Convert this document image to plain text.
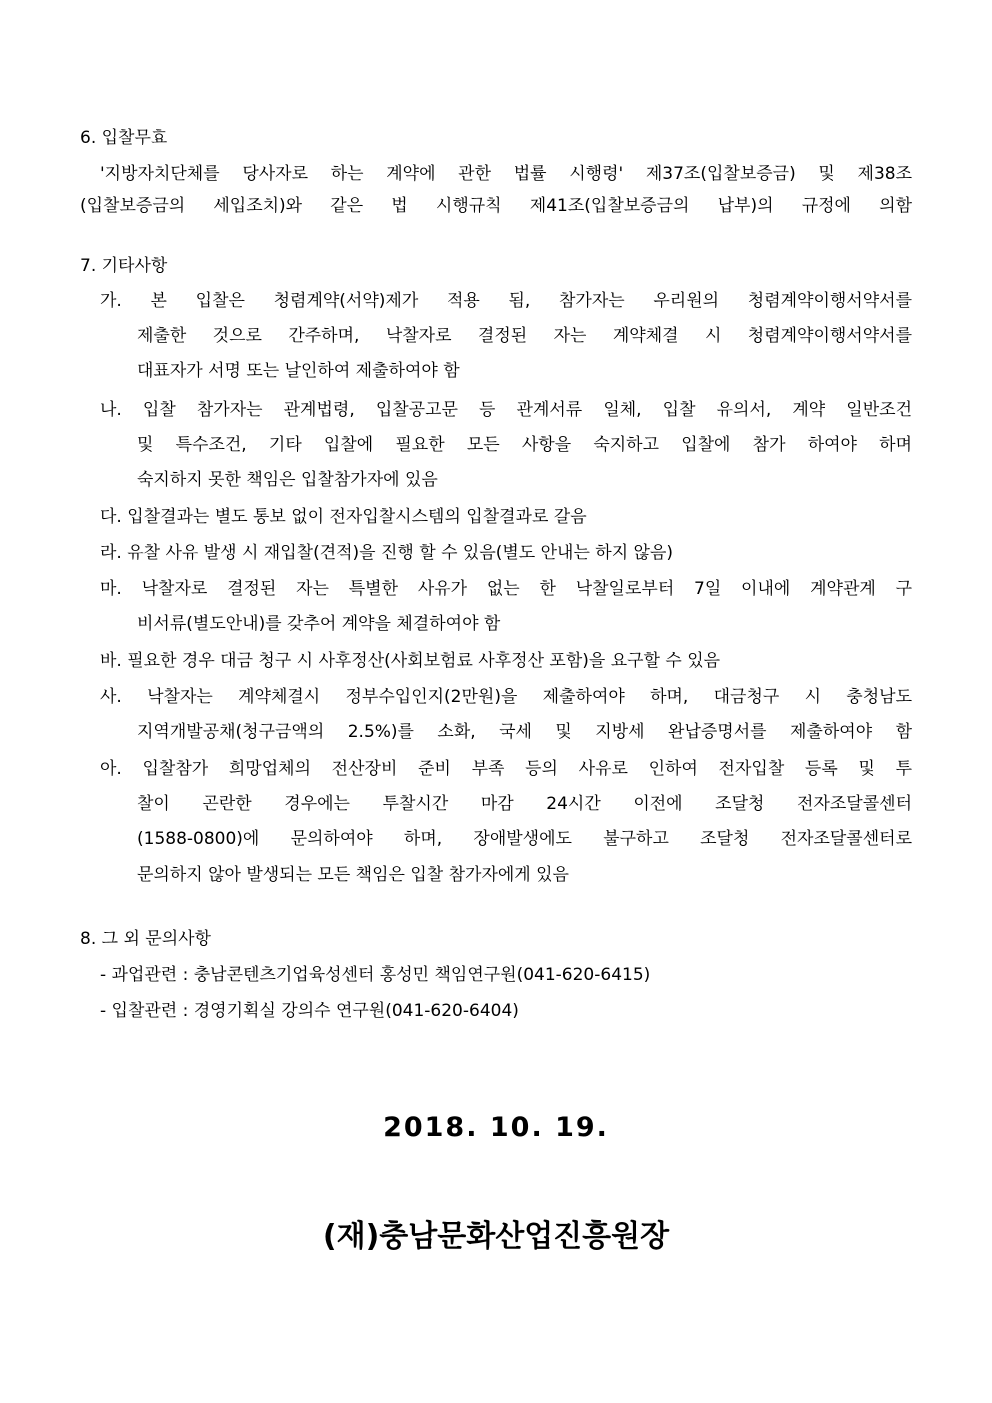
6. 입찰무효
'지방자치단체를 당사자로 하는 계약에 관한 법률 시행령' 제37조(입찰보증금) 및 제38조
(입찰보증금의 세입조치)와 같은 법 시행규칙 제41조(입찰보증금의 납부)의 규정에 의함
7. 기타사항
가. 본 입찰은 청렴계약(서약)제가 적용 됨, 참가자는 우리원의 청렴계약이행서약서를
제출한 것으로 간주하며, 낙찰자로 결정된 자는 계약체결 시 청렴계약이행서약서를
대표자가 서명 또는 날인하여 제출하여야 함
나. 입찰 참가자는 관계법령, 입찰공고문 등 관계서류 일체, 입찰 유의서, 계약 일반조건
및 특수조건, 기타 입찰에 필요한 모든 사항을 숙지하고 입찰에 참가 하여야 하며
숙지하지 못한 책임은 입찰참가자에 있음
다. 입찰결과는 별도 통보 없이 전자입찰시스템의 입찰결과로 갈음
라. 유찰 사유 발생 시 재입찰(견적)을 진행 할 수 있음(별도 안내는 하지 않음)
마. 낙찰자로 결정된 자는 특별한 사유가 없는 한 낙찰일로부터 7일 이내에 계약관계 구
비서류(별도안내)를 갖추어 계약을 체결하여야 함
바. 필요한 경우 대금 청구 시 사후정산(사회보험료 사후정산 포함)을 요구할 수 있음
사. 낙찰자는 계약체결시 정부수입인지(2만원)을 제출하여야 하며, 대금청구 시 충청남도
지역개발공채(청구금액의 2.5%)를 소화, 국세 및 지방세 완납증명서를 제출하여야 함
아. 입찰참가 희망업체의 전산장비 준비 부족 등의 사유로 인하여 전자입찰 등록 및 투
찰이 곤란한 경우에는 투찰시간 마감 24시간 이전에 조달청 전자조달콜센터
(1588-0800)에 문의하여야 하며, 장애발생에도 불구하고 조달청 전자조달콜센터로
문의하지 않아 발생되는 모든 책임은 입찰 참가자에게 있음
8. 그 외 문의사항
- 과업관련 : 충남콘텐츠기업육성센터 홍성민 책임연구원(041-620-6415)
- 입찰관련 : 경영기획실 강의수 연구원(041-620-6404)
2018. 10. 19.
(재)충남문화산업진흥원장
